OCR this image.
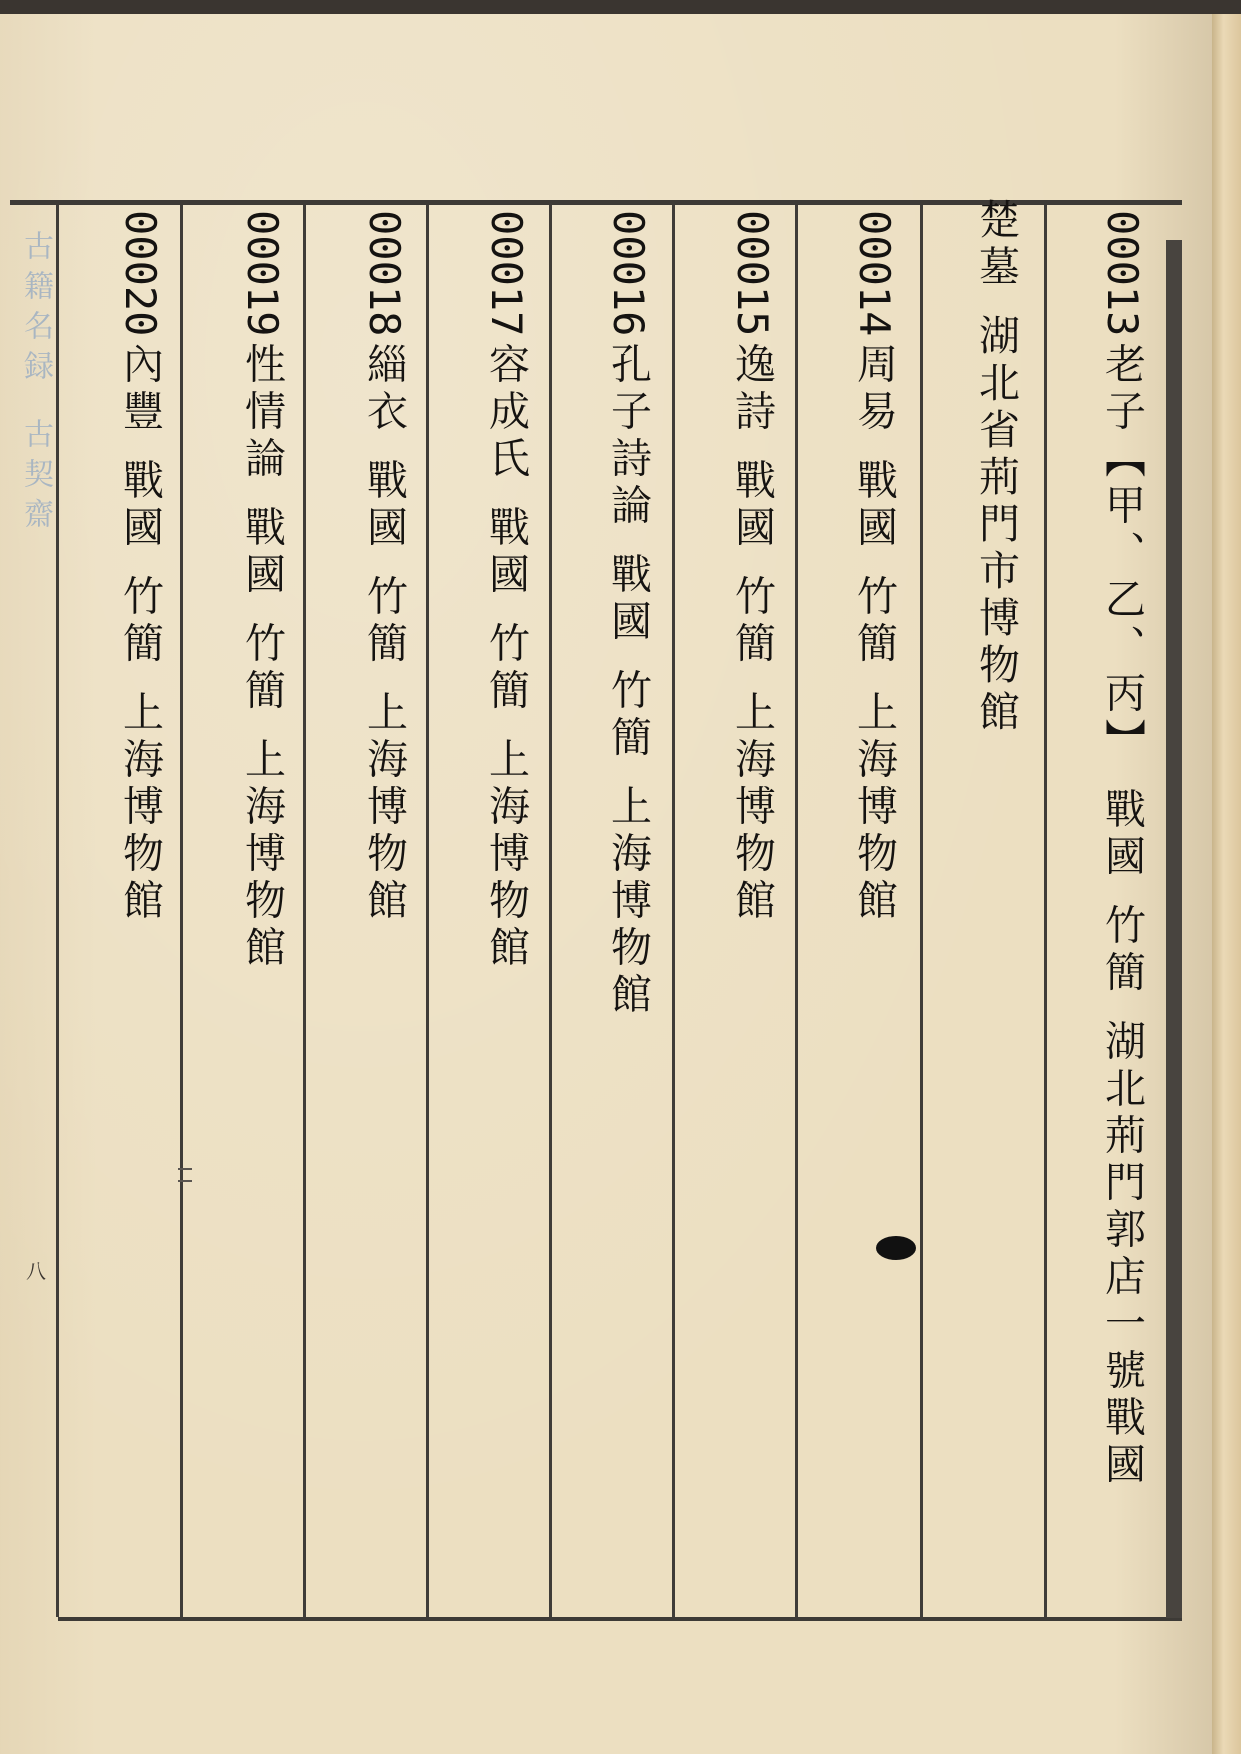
古籍名録古契齋
八
00013老子【甲、乙、丙】戰國竹簡湖北荊門郭店一號戰國
楚墓湖北省荊門市博物館
00014周易戰國竹簡上海博物館
00015逸詩戰國竹簡上海博物館
00016孔子詩論戰國竹簡上海博物館
00017容成氏戰國竹簡上海博物館
00018緇衣戰國竹簡上海博物館
00019性情論戰國竹簡上海博物館
00020內豐戰國竹簡上海博物館
